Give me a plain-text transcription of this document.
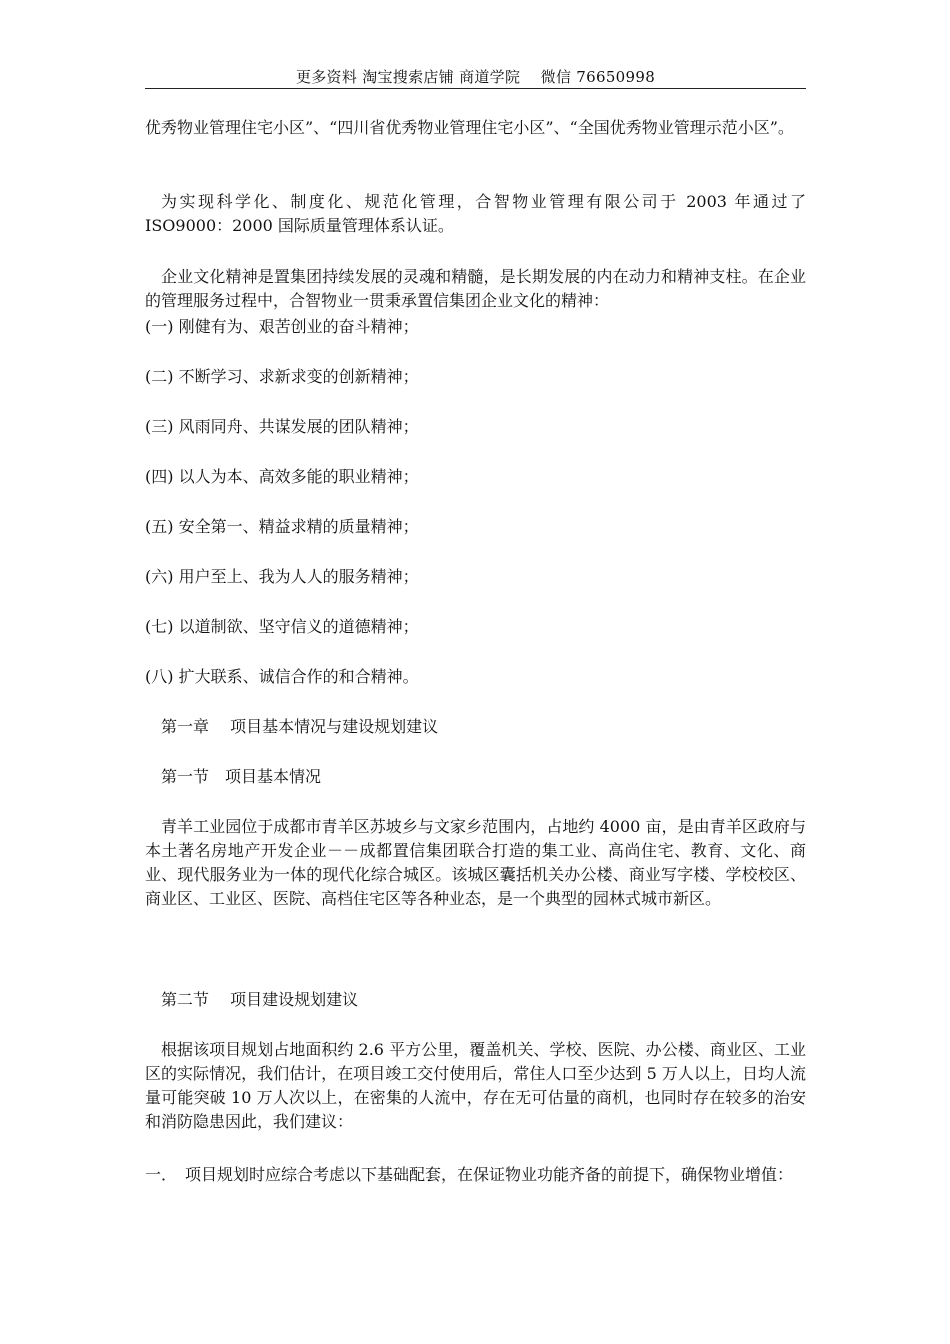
更多资料 淘宝搜索店铺 商道学院　 微信 76650998

优秀物业管理住宅小区”、“四川省优秀物业管理住宅小区”、“全国优秀物业管理示范小区”。

为实现科学化、制度化、规范化管理，合智物业管理有限公司于 2003 年通过了 ISO9000：2000 国际质量管理体系认证。

企业文化精神是置集团持续发展的灵魂和精髓，是长期发展的内在动力和精神支柱。在企业的管理服务过程中，合智物业一贯秉承置信集团企业文化的精神：

(一) 刚健有为、艰苦创业的奋斗精神；

(二) 不断学习、求新求变的创新精神；

(三) 风雨同舟、共谋发展的团队精神；

(四) 以人为本、高效多能的职业精神；

(五) 安全第一、精益求精的质量精神；

(六) 用户至上、我为人人的服务精神；

(七) 以道制欲、坚守信义的道德精神；

(八) 扩大联系、诚信合作的和合精神。

第一章　 项目基本情况与建设规划建议

第一节　项目基本情况

青羊工业园位于成都市青羊区苏坡乡与文家乡范围内，占地约 4000 亩，是由青羊区政府与本土著名房地产开发企业－－成都置信集团联合打造的集工业、高尚住宅、教育、文化、商业、现代服务业为一体的现代化综合城区。该城区囊括机关办公楼、商业写字楼、学校校区、商业区、工业区、医院、高档住宅区等各种业态，是一个典型的园林式城市新区。

第二节　 项目建设规划建议

根据该项目规划占地面积约 2.6 平方公里，覆盖机关、学校、医院、办公楼、商业区、工业区的实际情况，我们估计，在项目竣工交付使用后，常住人口至少达到 5 万人以上，日均人流量可能突破 10 万人次以上，在密集的人流中，存在无可估量的商机，也同时存在较多的治安和消防隐患因此，我们建议：

一．　项目规划时应综合考虑以下基础配套，在保证物业功能齐备的前提下，确保物业增值：
